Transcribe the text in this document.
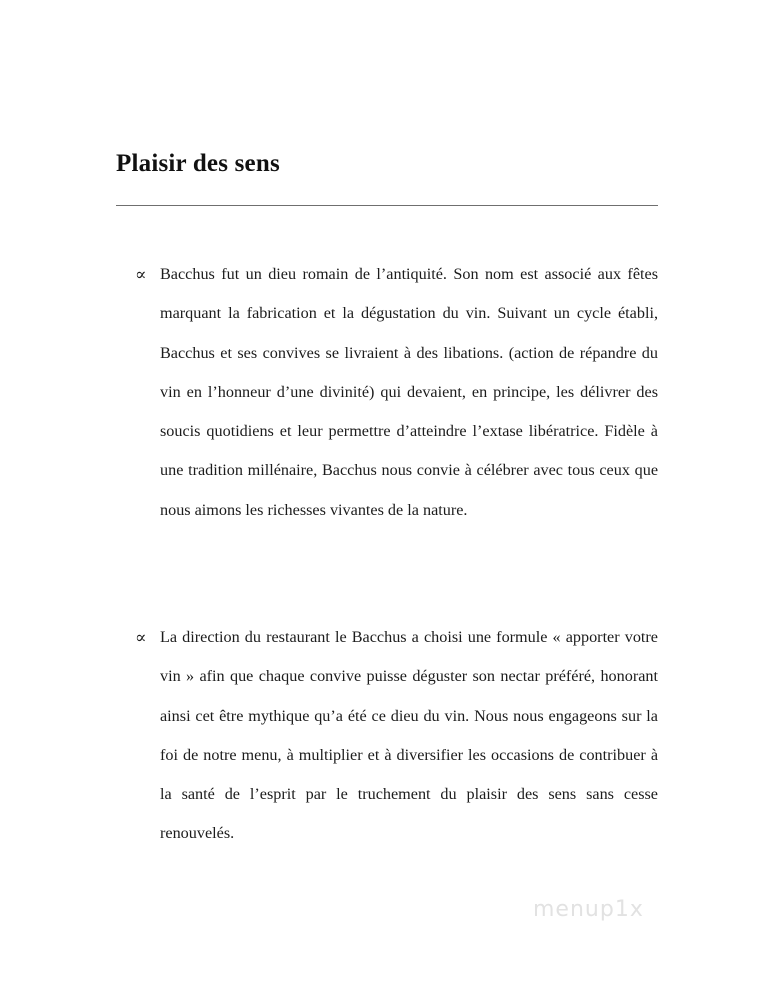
Plaisir des sens
∝ Bacchus fut un dieu romain de l’antiquité. Son nom est associé aux fêtes marquant la fabrication et la dégustation du vin. Suivant un cycle établi, Bacchus et ses convives se livraient à des libations. (action de répandre du vin en l’honneur d’une divinité) qui devaient, en principe, les délivrer des soucis quotidiens et leur permettre d’atteindre l’extase libératrice. Fidèle à une tradition millénaire, Bacchus nous convie à célébrer avec tous ceux que nous aimons les richesses vivantes de la nature.
∝ La direction du restaurant le Bacchus a choisi une formule « apporter votre vin » afin que chaque convive puisse déguster son nectar préféré, honorant ainsi cet être mythique qu’a été ce dieu du vin. Nous nous engageons sur la foi de notre menu, à multiplier et à diversifier les occasions de contribuer à la santé de l’esprit par le truchement du plaisir des sens sans cesse renouvelés.
menup1x
